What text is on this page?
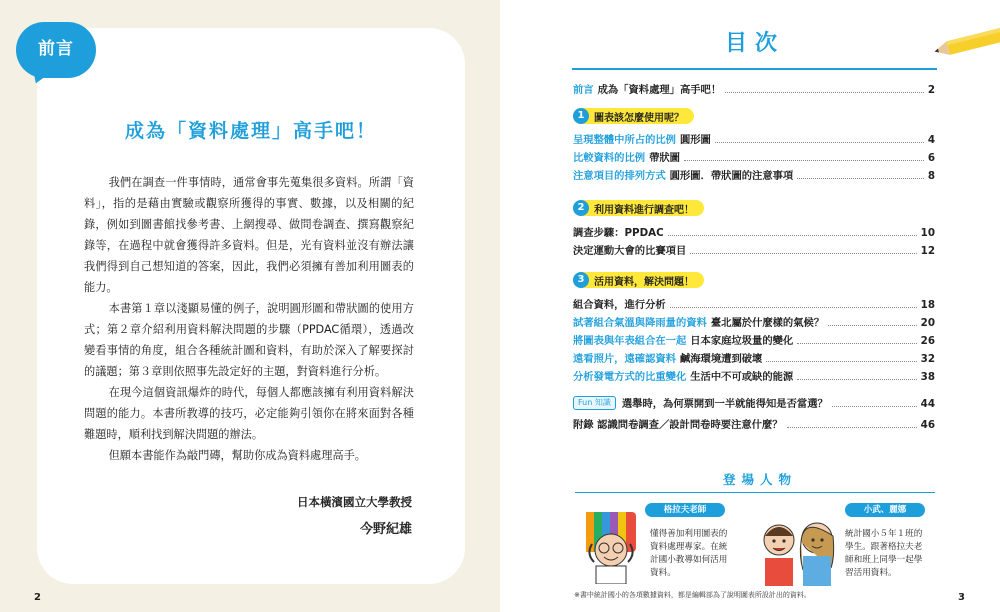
前言
成為「資料處理」高手吧！

我們在調查一件事情時，通常會事先蒐集很多資料。所謂「資料」，指的是藉由實驗或觀察所獲得的事實、數據，以及相關的紀錄，例如到圖書館找參考書、上網搜尋、做問卷調查、撰寫觀察紀錄等，在過程中就會獲得許多資料。但是，光有資料並沒有辦法讓我們得到自己想知道的答案，因此，我們必須擁有善加利用圖表的能力。

本書第１章以淺顯易懂的例子，說明圓形圖和帶狀圖的使用方式；第２章介紹利用資料解決問題的步驟（PPDAC循環），透過改變看事情的角度，組合各種統計圖和資料，有助於深入了解要探討的議題；第３章則依照事先設定好的主題，對資料進行分析。

在現今這個資訊爆炸的時代，每個人都應該擁有利用資料解決問題的能力。本書所教導的技巧，必定能夠引領你在將來面對各種難題時，順利找到解決問題的辦法。

但願本書能作為敲門磚，幫助你成為資料處理高手。

日本橫濱國立大學教授
今野紀雄
2
目次
前言 成為「資料處理」高手吧！	2
1 圖表該怎麼使用呢？
呈現整體中所占的比例 圓形圖	4
比較資料的比例 帶狀圖	6
注意項目的排列方式 圓形圖．帶狀圖的注意事項	8
2 利用資料進行調查吧！
調查步驟：PPDAC	10
決定運動大會的比賽項目	12
3 活用資料，解決問題！
組合資料，進行分析	18
試著組合氣溫與降雨量的資料 臺北屬於什麼樣的氣候？	20
將圖表與年表組合在一起 日本家庭垃圾量的變化	26
遠看照片，遠確認資料 鹹海環境遭到破壞	32
分析發電方式的比重變化 生活中不可或缺的能源	38
Fun 知識	選舉時，為何票開到一半就能得知是否當選？	44
附錄 認識問卷調查／設計問卷時要注意什麼？	46
登場人物
格拉夫老師
懂得善加利用圖表的資料處理專家。在統計國小教導如何活用資料。
小武、麗娜
統計國小５年１班的學生。跟著格拉夫老師和班上同學一起學習活用資料。
※書中統計國小的各項數據資料，都是編輯部為了說明圖表所設計出的資料。	3
